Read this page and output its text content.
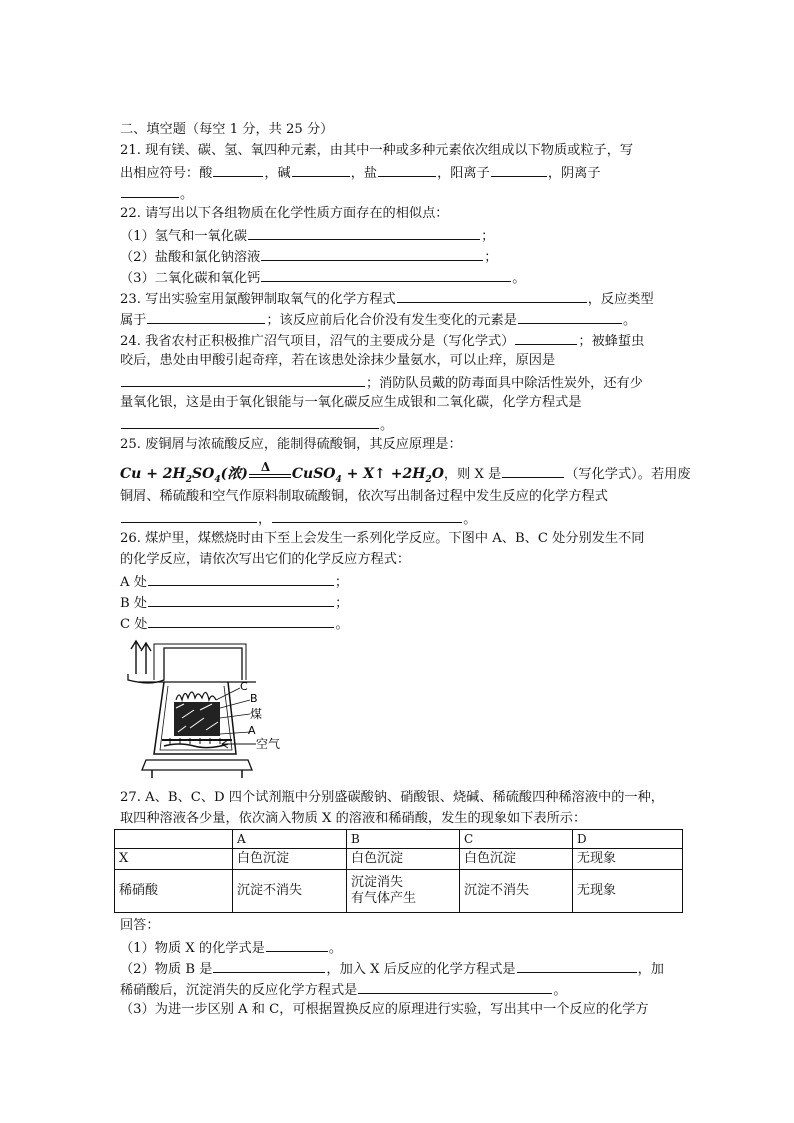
二、填空题（每空 1 分，共 25 分）
21. 现有镁、碳、氢、氧四种元素，由其中一种或多种元素依次组成以下物质或粒子，写
出相应符号：酸	，碱	，盐	，阳离子	，阴离子
。
22. 请写出以下各组物质在化学性质方面存在的相似点：
（1）氢气和一氧化碳	；
（2）盐酸和氯化钠溶液	；
（3）二氧化碳和氧化钙	。
23. 写出实验室用氯酸钾制取氧气的化学方程式	，反应类型
属于	；该反应前后化合价没有发生变化的元素是	。
24. 我省农村正积极推广沼气项目，沼气的主要成分是（写化学式）	；被蜂蜇虫
咬后，患处由甲酸引起奇痒，若在该患处涂抹少量氨水，可以止痒，原因是
；消防队员戴的防毒面具中除活性炭外，还有少
量氧化银，这是由于氧化银能与一氧化碳反应生成银和二氧化碳，化学方程式是
。
25. 废铜屑与浓硫酸反应，能制得硫酸铜，其反应原理是：
$Cu + 2H_2SO_4$(浓) Δ CuSO$_4$ + X↑ $+2H_2O$，则 X 是	（写化学式）。若用废
铜屑、稀硫酸和空气作原料制取硫酸铜，依次写出制备过程中发生反应的化学方程式
，	。
26. 煤炉里，煤燃烧时由下至上会发生一系列化学反应。下图中 A、B、C 处分别发生不同
的化学反应，请依次写出它们的化学反应方程式：
A 处	；
B 处	；
C 处	。
C
B
煤
A
空气
27. A、B、C、D 四个试剂瓶中分别盛碳酸钠、硝酸银、烧碱、稀硫酸四种稀溶液中的一种，
取四种溶液各少量，依次滴入物质 X 的溶液和稀硝酸，发生的现象如下表所示：
	A	B	C	D
X	白色沉淀	白色沉淀	白色沉淀	无现象
稀硝酸	沉淀不消失	沉淀消失
有气体产生	沉淀不消失	无现象
回答：
（1）物质 X 的化学式是	。
（2）物质 B 是	，加入 X 后反应的化学方程式是	，加
稀硝酸后，沉淀消失的反应化学方程式是	。
（3）为进一步区别 A 和 C，可根据置换反应的原理进行实验，写出其中一个反应的化学方
